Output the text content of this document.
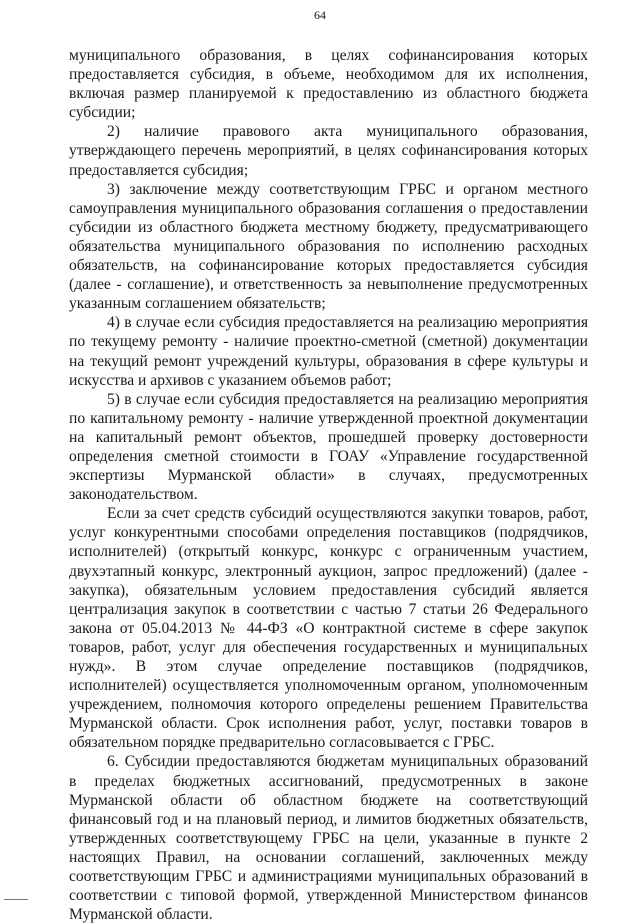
64

муниципального образования, в целях софинансирования которых предоставляется субсидия, в объеме, необходимом для их исполнения, включая размер планируемой к предоставлению из областного бюджета субсидии;

2) наличие правового акта муниципального образования, утверждающего перечень мероприятий, в целях софинансирования которых предоставляется субсидия;

3) заключение между соответствующим ГРБС и органом местного самоуправления муниципального образования соглашения о предоставлении субсидии из областного бюджета местному бюджету, предусматривающего обязательства муниципального образования по исполнению расходных обязательств, на софинансирование которых предоставляется субсидия (далее - соглашение), и ответственность за невыполнение предусмотренных указанным соглашением обязательств;

4) в случае если субсидия предоставляется на реализацию мероприятия по текущему ремонту - наличие проектно-сметной (сметной) документации на текущий ремонт учреждений культуры, образования в сфере культуры и искусства и архивов с указанием объемов работ;

5) в случае если субсидия предоставляется на реализацию мероприятия по капитальному ремонту - наличие утвержденной проектной документации на капитальный ремонт объектов, прошедшей проверку достоверности определения сметной стоимости в ГОАУ «Управление государственной экспертизы Мурманской области» в случаях, предусмотренных законодательством.

Если за счет средств субсидий осуществляются закупки товаров, работ, услуг конкурентными способами определения поставщиков (подрядчиков, исполнителей) (открытый конкурс, конкурс с ограниченным участием, двухэтапный конкурс, электронный аукцион, запрос предложений) (далее - закупка), обязательным условием предоставления субсидий является централизация закупок в соответствии с частью 7 статьи 26 Федерального закона от 05.04.2013 № 44-ФЗ «О контрактной системе в сфере закупок товаров, работ, услуг для обеспечения государственных и муниципальных нужд». В этом случае определение поставщиков (подрядчиков, исполнителей) осуществляется уполномоченным органом, уполномоченным учреждением, полномочия которого определены решением Правительства Мурманской области. Срок исполнения работ, услуг, поставки товаров в обязательном порядке предварительно согласовывается с ГРБС.

6. Субсидии предоставляются бюджетам муниципальных образований в пределах бюджетных ассигнований, предусмотренных в законе Мурманской области об областном бюджете на соответствующий финансовый год и на плановый период, и лимитов бюджетных обязательств, утвержденных соответствующему ГРБС на цели, указанные в пункте 2 настоящих Правил, на основании соглашений, заключенных между соответствующим ГРБС и администрациями муниципальных образований в соответствии с типовой формой, утвержденной Министерством финансов Мурманской области.
